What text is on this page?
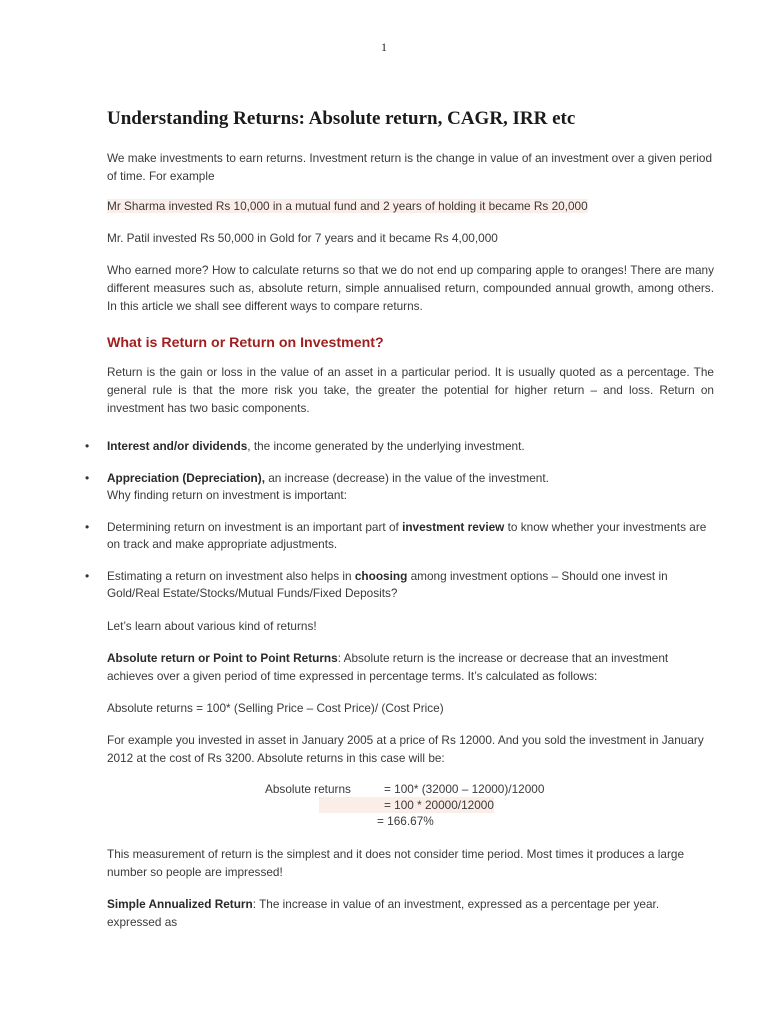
1
Understanding Returns: Absolute return, CAGR, IRR etc

We make investments to earn returns. Investment return is the change in value of an investment over a given period of time. For example

Mr Sharma invested Rs 10,000 in a mutual fund and 2 years of holding it became Rs 20,000

Mr. Patil invested Rs 50,000 in Gold for 7 years and it became Rs 4,00,000

Who earned more? How to calculate returns so that we do not end up comparing apple to oranges! There are many different measures such as, absolute return, simple annualised return, compounded annual growth, among others. In this article we shall see different ways to compare returns.

What is Return or Return on Investment?

Return is the gain or loss in the value of an asset in a particular period. It is usually quoted as a percentage. The general rule is that the more risk you take, the greater the potential for higher return – and loss. Return on investment has two basic components.

• Interest and/or dividends, the income generated by the underlying investment.
• Appreciation (Depreciation), an increase (decrease) in the value of the investment.
Why finding return on investment is important:
• Determining return on investment is an important part of investment review to know whether your investments are on track and make appropriate adjustments.
• Estimating a return on investment also helps in choosing among investment options – Should one invest in Gold/Real Estate/Stocks/Mutual Funds/Fixed Deposits?

Let’s learn about various kind of returns!

Absolute return or Point to Point Returns: Absolute return is the increase or decrease that an investment achieves over a given period of time expressed in percentage terms. It’s calculated as follows:

Absolute returns = 100* (Selling Price – Cost Price)/ (Cost Price)

For example you invested in asset in January 2005 at a price of Rs 12000. And you sold the investment in January 2012 at the cost of Rs 3200. Absolute returns in this case will be:

Absolute returns	= 100* (32000 – 12000)/12000
= 100 * 20000/12000
= 166.67%

This measurement of return is the simplest and it does not consider time period. Most times it produces a large number so people are impressed!

Simple Annualized Return: The increase in value of an investment, expressed as a percentage per year. expressed as
